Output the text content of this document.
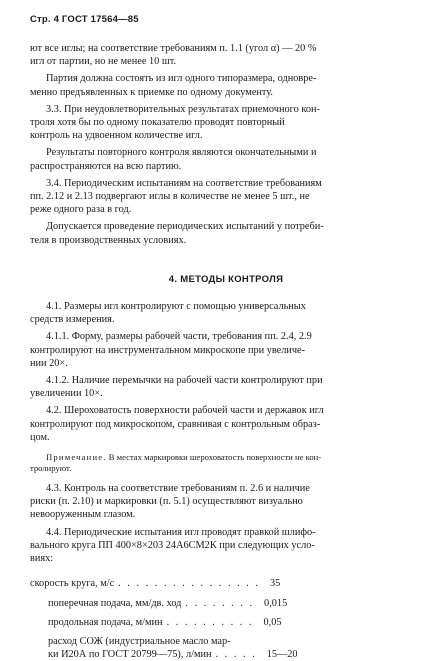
Стр. 4 ГОСТ 17564—85

ют все иглы; на соответствие требованиям п. 1.1 (угол α) — 20 %

игл от партии, но не менее 10 шт.

Партия должна состоять из игл одного типоразмера, одновре-

менно предъявленных к приемке по одному документу.

3.3. При неудовлетворительных результатах приемочного кон-

троля хотя бы по одному показателю проводят повторный

контроль на удвоенном количестве игл.

Результаты повторного контроля являются окончательными и

распространяются на всю партию.

3.4. Периодическим испытаниям на соответствие требованиям

пп. 2.12 и 2.13 подвергают иглы в количестве не менее 5 шт., не

реже одного раза в год.

Допускается проведение периодических испытаний у потреби-

теля в производственных условиях.

4. МЕТОДЫ КОНТРОЛЯ

4.1. Размеры игл контролируют с помощью универсальных

средств измерения.

4.1.1. Форму, размеры рабочей части, требования пп. 2.4, 2.9

контролируют на инструментальном микроскопе при увеличе-

нии 20×.

4.1.2. Наличие перемычки на рабочей части контролируют при

увеличении 10×.

4.2. Шероховатость поверхности рабочей части и державок игл

контролируют под микроскопом, сравнивая с контрольным образ-

цом.

Примечание. В местах маркировки шероховатость поверхности не кон-

тролируют.

4.3. Контроль на соответствие требованиям п. 2.6 и наличие

риски (п. 2.10) и маркировки (п. 5.1) осуществляют визуально

невооруженным глазом.

4.4. Периодические испытания игл проводят правкой шлифо-

вального круга ПП 400×8×203 24А6СМ2К при следующих усло-

виях:

скорость круга, м/с . . . . . . . . . . . . . . . . 35
поперечная подача, мм/дв. ход . . . . . . . . 0,015
продольная подача, м/мин . . . . . . . . . . 0,05

расход СОЖ (индустриальное масло мар-

ки И20А по ГОСТ 20799—75), л/мин . . . . . 15—20
